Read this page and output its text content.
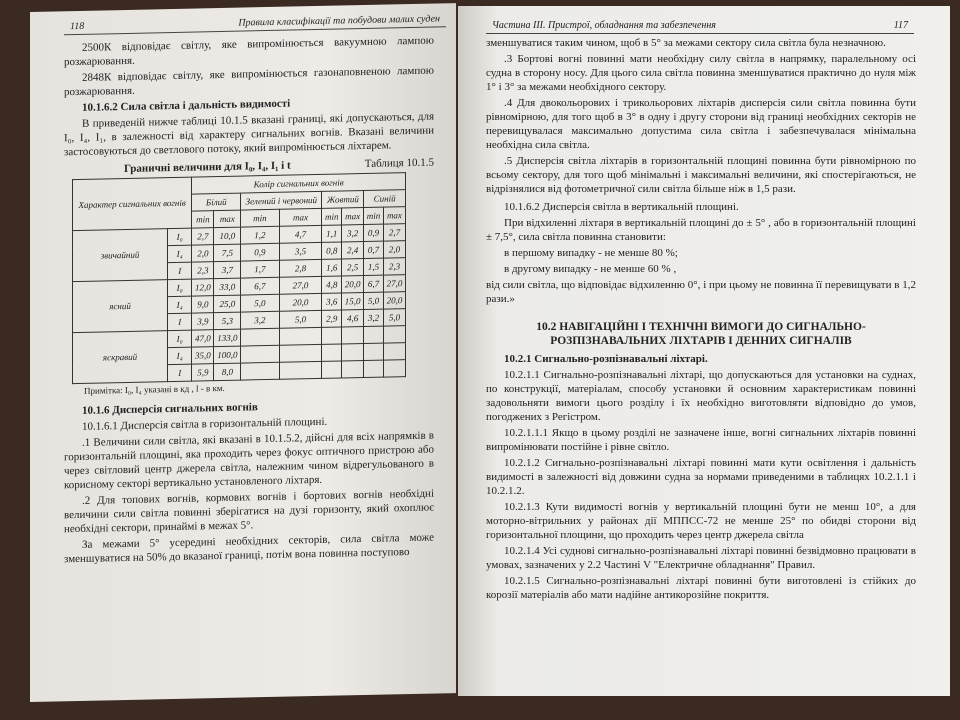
118	Правила класифікації та побудови малих суден

2500К відповідає світлу, яке випромінюється вакуумною лампою розжарювання.

2848К відповідає світлу, яке випромінюється газонаповненою лампою розжарювання.

10.1.6.2 Сила світла і дальність видимості

В приведеній нижче таблиці 10.1.5 вказані границі, які допускаються, для I₀, I₄, I₁, в залежності від характеру сигнальних вогнів. Вказані величини застосовуються до светлового потоку, який випромінюється ліхтарем.

Граничні величини для I₀, I₄, I₁ і t	Таблиця 10.1.5
Характер сигнальних вогнів		Колір сигнальних вогнів							
		Білий		Зелений і червоний		Жовтий		Синій	
		min	max	min	max	min	max	min	max
звичайний	I₀	2,7	10,0	1,2	4,7	1,1	3,2	0,9	2,7
	I₄	2,0	7,5	0,9	3,5	0,8	2,4	0,7	2,0
	I	2,3	3,7	1,7	2,8	1,6	2,5	1,5	2,3
ясний	I₀	12,0	33,0	6,7	27,0	4,8	20,0	6,7	27,0
	I₄	9,0	25,0	5,0	20,0	3,6	15,0	5,0	20,0
	I	3,9	5,3	3,2	5,0	2,9	4,6	3,2	5,0
яскравий	I₀	47,0	133,0						
	I₄	35,0	100,0						
	I	5,9	8,0						

Примітка: I₀, I₄ указані в кд , l - в км.

10.1.6 Дисперсія сигнальних вогнів

10.1.6.1 Дисперсія світла в горизонтальній площині.

.1 Величини сили світла, які вказані в 10.1.5.2, дійсні для всіх напрямків в горизонтальній площині, яка проходить через фокус оптичного пристрою або через світловий центр джерела світла, належним чином відрегульованого в корисному секторі вертикально установленого ліхтаря.

.2 Для топових вогнів, кормових вогнів і бортових вогнів необхідні величини сили світла повинні зберігатися на дузі горизонту, який охоплює необхідні сектори, принаймі в межах 5°.

За межами 5° усередині необхідних секторів, сила світла може зменшуватися на 50% до вказаної границі, потім вона повинна поступово

Частина III. Пристрої, обладнання та забезпечення	117

зменшуватися таким чином, щоб в 5° за межами сектору сила світла була незначною.

.3 Бортові вогні повинні мати необхідну силу світла в напрямку, паралельному осі судна в сторону носу. Для цього сила світла повинна зменшуватися практично до нуля між 1° і 3° за межами необхідного сектору.

.4 Для двокольорових і трикольорових ліхтарів дисперсія сили світла повинна бути рівномірною, для того щоб в 3° в одну і другу сторони від границі необхідних секторів не перевищувалася максимально допустима сила світла і забезпечувалася мінімальна необхідна сила світла.

.5 Дисперсія світла ліхтарів в горизонтальній площині повинна бути рівномірною по всьому сектору, для того щоб мінімальні і максимальні величини, які спостерігаються, не відрізнялися від фотометричної сили світла більше ніж в 1,5 рази.

10.1.6.2 Дисперсія світла в вертикальній площині.

При відхиленні ліхтаря в вертикальній площині до ± 5° , або в горизонтальній площині ± 7,5°, сила світла повинна становити:

в першому випадку - не менше 80 %;

в другому випадку - не менше 60 % ,

від сили світла, що відповідає відхиленню 0°, і при цьому не повинна її перевищувати в 1,2 рази.»

10.2 НАВІГАЦІЙНІ І ТЕХНІЧНІ ВИМОГИ ДО СИГНАЛЬНО-РОЗПІЗНАВАЛЬНИХ ЛІХТАРІВ І ДЕННИХ СИГНАЛІВ

10.2.1 Сигнально-розпізнавальні ліхтарі.

10.2.1.1 Сигнально-розпізнавальні ліхтарі, що допускаються для установки на суднах, по конструкції, матеріалам, способу установки й основним характеристикам повинні задовольняти вимоги цього розділу і їх необхідно виготовляти відповідно до умов, погоджених з Регістром.

10.2.1.1.1 Якщо в цьому розділі не зазначене інше, вогні сигнальних ліхтарів повинні випромінювати постійне і рівне світло.

10.2.1.2 Сигнально-розпізнавальні ліхтарі повинні мати кути освітлення і дальність видимості в залежності від довжини судна за нормами приведеними в таблицях 10.2.1.1 і 10.2.1.2.

10.2.1.3 Кути видимості вогнів у вертикальній площині бути не менш 10°, а для моторно-вітрильних у районах дії МППСС-72 не менше 25° по обидві сторони від горизонтальної площини, що проходить через центр джерела світла

10.2.1.4 Усі суднові сигнально-розпізнавальні ліхтарі повинні безвідмовно працювати в умовах, зазначених у 2.2 Частині V "Електричне обладнання" Правил.

10.2.1.5 Сигнально-розпізнавальні ліхтарі повинні бути виготовлені із стійких до корозії матеріалів або мати надійне антикорозійне покриття.
